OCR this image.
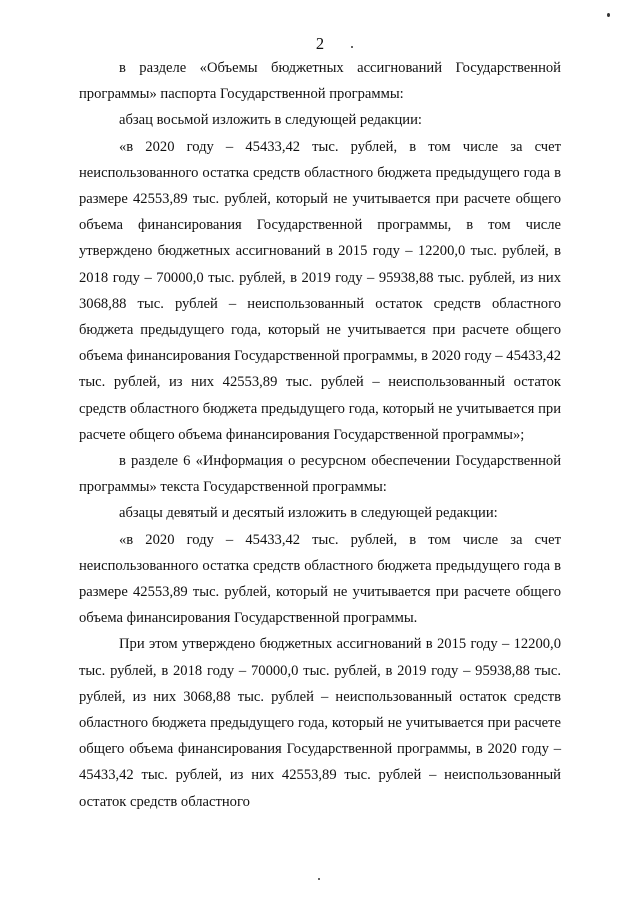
2

в разделе «Объемы бюджетных ассигнований Государственной программы» паспорта Государственной программы:

абзац восьмой изложить в следующей редакции:

«в 2020 году – 45433,42 тыс. рублей, в том числе за счет неиспользованного остатка средств областного бюджета предыдущего года в размере 42553,89 тыс. рублей, который не учитывается при расчете общего объема финансирования Государственной программы, в том числе утверждено бюджетных ассигнований в 2015 году – 12200,0 тыс. рублей, в 2018 году – 70000,0 тыс. рублей, в 2019 году – 95938,88 тыс. рублей, из них 3068,88 тыс. рублей – неиспользованный остаток средств областного бюджета предыдущего года, который не учитывается при расчете общего объема финансирования Государственной программы, в 2020 году – 45433,42 тыс. рублей, из них 42553,89 тыс. рублей – неиспользованный остаток средств областного бюджета предыдущего года, который не учитывается при расчете общего объема финансирования Государственной программы»;

в разделе 6 «Информация о ресурсном обеспечении Государственной программы» текста Государственной программы:

абзацы девятый и десятый изложить в следующей редакции:

«в 2020 году – 45433,42 тыс. рублей, в том числе за счет неиспользованного остатка средств областного бюджета предыдущего года в размере 42553,89 тыс. рублей, который не учитывается при расчете общего объема финансирования Государственной программы.

При этом утверждено бюджетных ассигнований в 2015 году – 12200,0 тыс. рублей, в 2018 году – 70000,0 тыс. рублей, в 2019 году – 95938,88 тыс. рублей, из них 3068,88 тыс. рублей – неиспользованный остаток средств областного бюджета предыдущего года, который не учитывается при расчете общего объема финансирования Государственной программы, в 2020 году – 45433,42 тыс. рублей, из них 42553,89 тыс. рублей – неиспользованный остаток средств областного
